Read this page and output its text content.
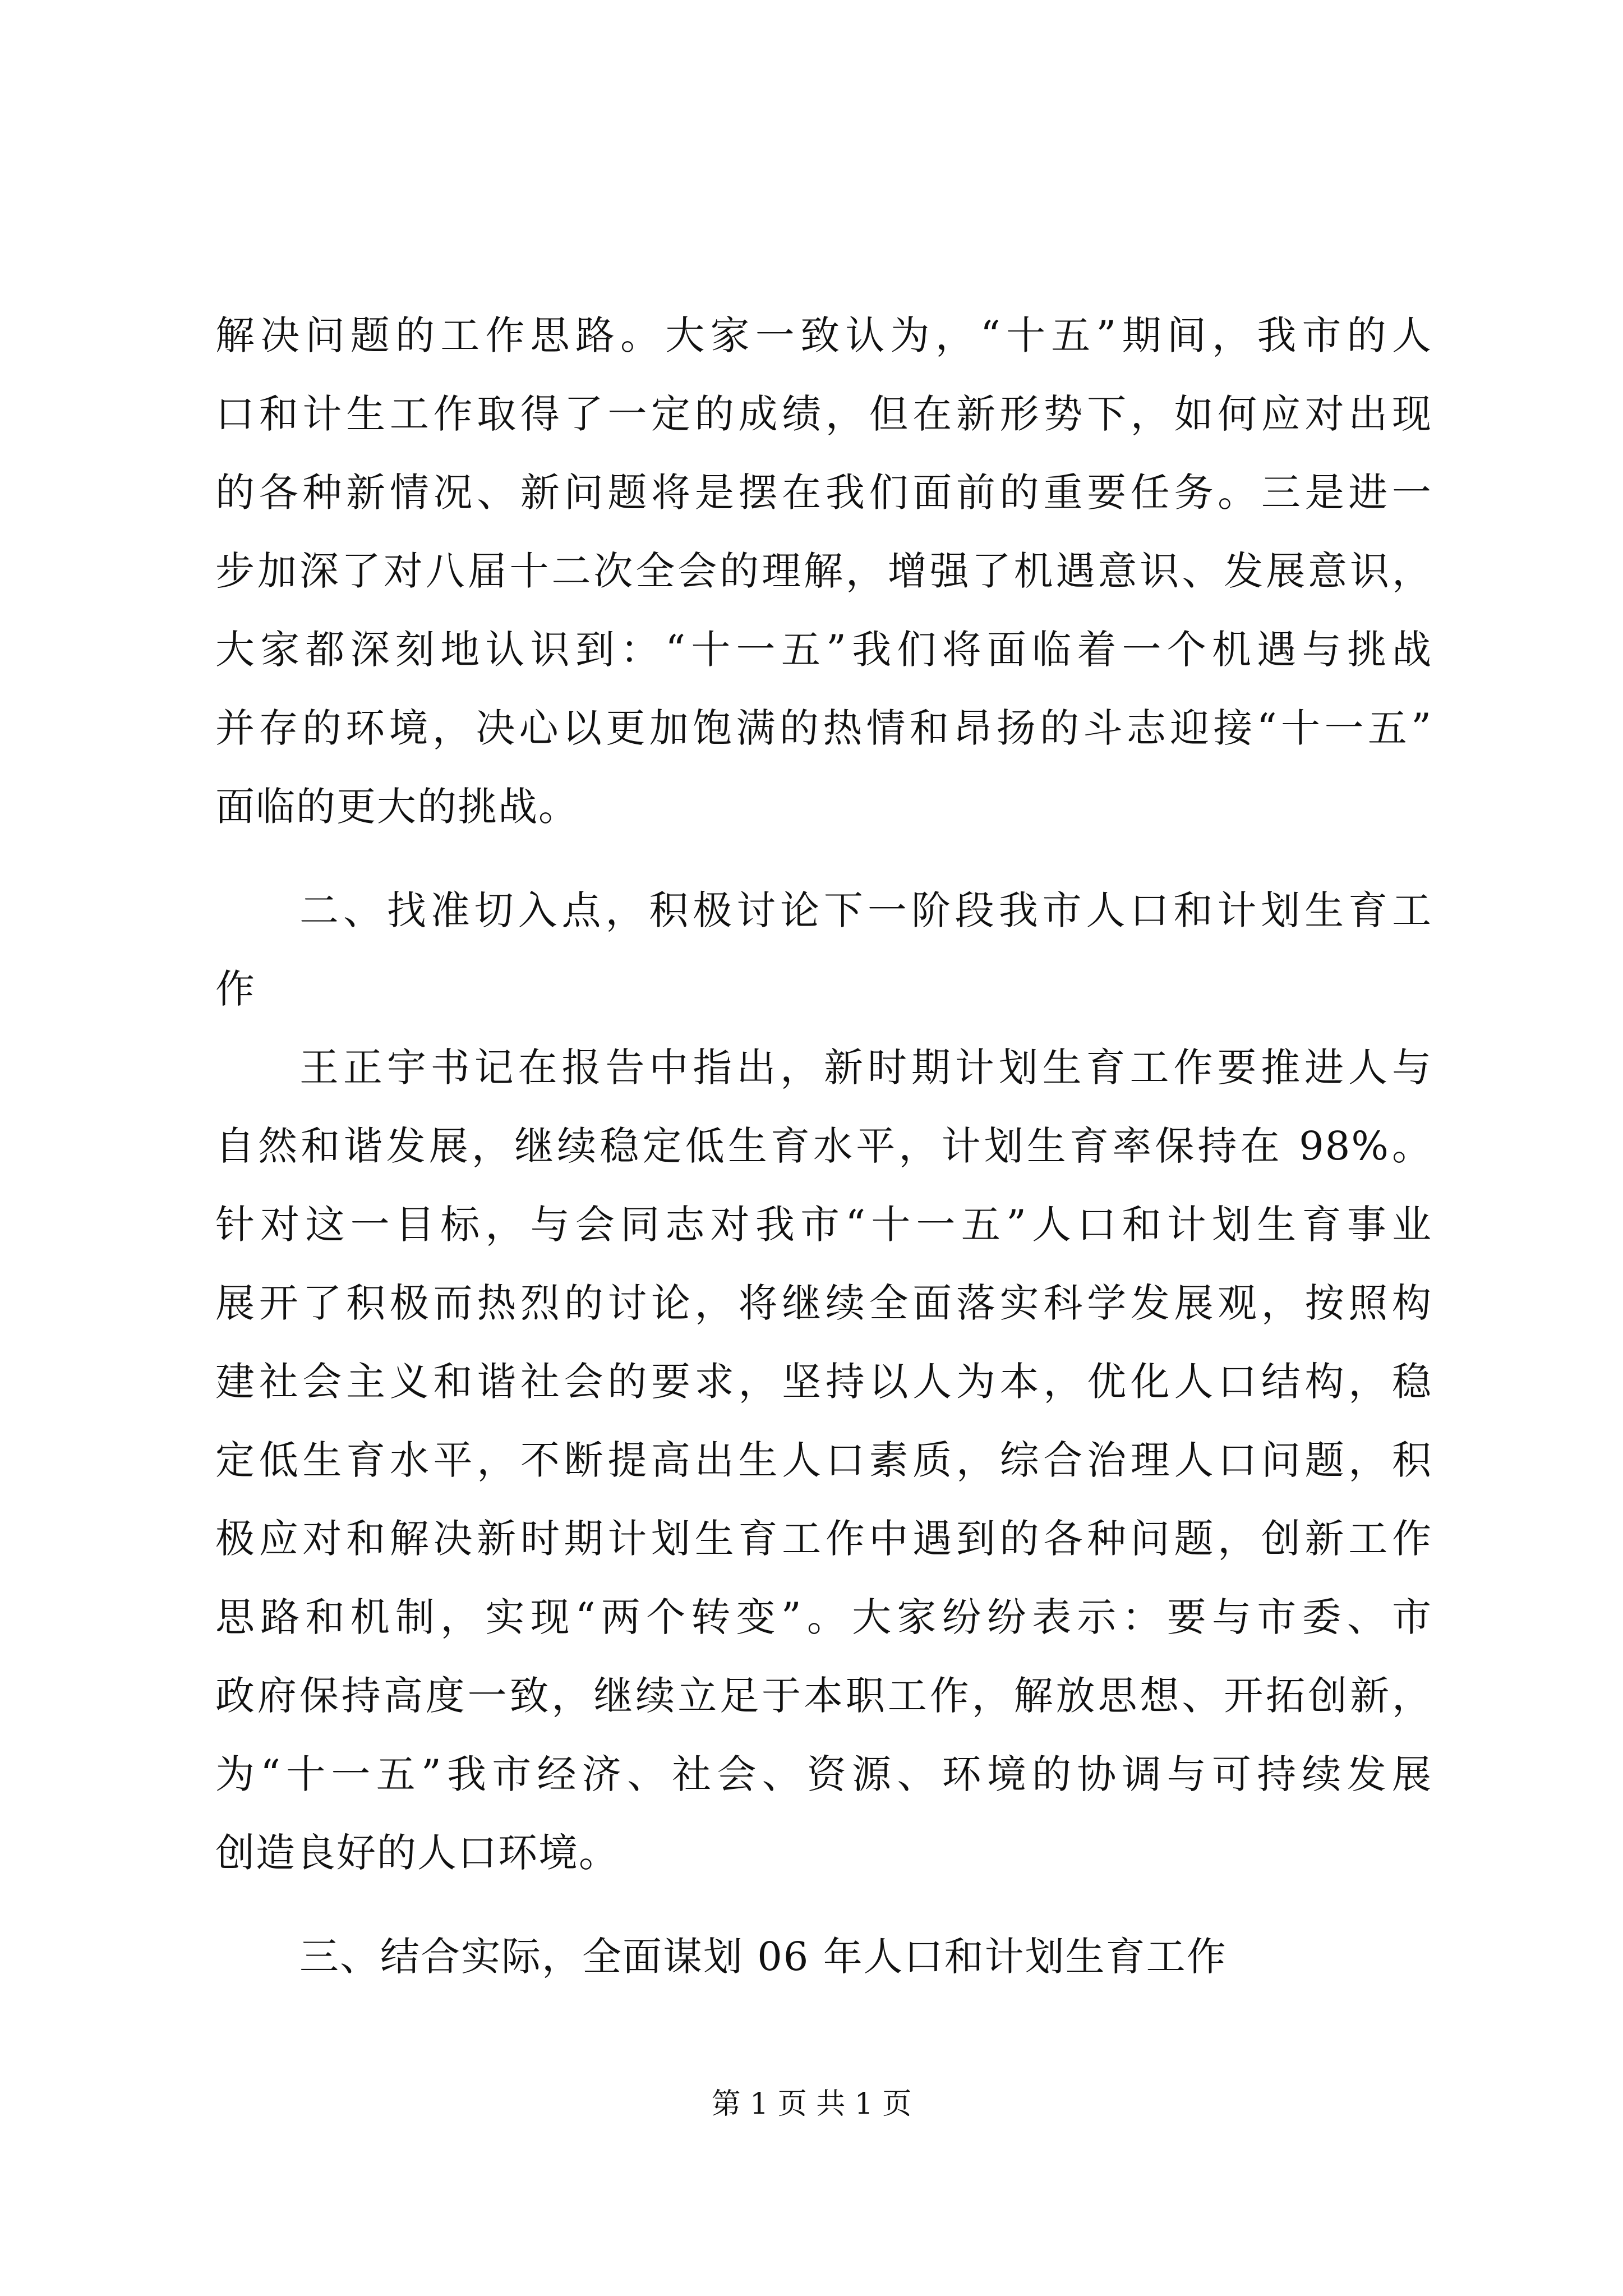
解决问题的工作思路。大家一致认为，“十五”期间，我市的人
口和计生工作取得了一定的成绩，但在新形势下，如何应对出现
的各种新情况、新问题将是摆在我们面前的重要任务。三是进一
步加深了对八届十二次全会的理解，增强了机遇意识、发展意识，
大家都深刻地认识到：“十一五”我们将面临着一个机遇与挑战
并存的环境，决心以更加饱满的热情和昂扬的斗志迎接“十一五”
面临的更大的挑战。
二、找准切入点，积极讨论下一阶段我市人口和计划生育工
作
王正宇书记在报告中指出，新时期计划生育工作要推进人与
自然和谐发展，继续稳定低生育水平，计划生育率保持在 98%。
针对这一目标，与会同志对我市“十一五”人口和计划生育事业
展开了积极而热烈的讨论，将继续全面落实科学发展观，按照构
建社会主义和谐社会的要求，坚持以人为本，优化人口结构，稳
定低生育水平，不断提高出生人口素质，综合治理人口问题，积
极应对和解决新时期计划生育工作中遇到的各种问题，创新工作
思路和机制，实现“两个转变”。大家纷纷表示：要与市委、市
政府保持高度一致，继续立足于本职工作，解放思想、开拓创新，
为“十一五”我市经济、社会、资源、环境的协调与可持续发展
创造良好的人口环境。
三、结合实际，全面谋划 06 年人口和计划生育工作
第 1 页 共 1 页
